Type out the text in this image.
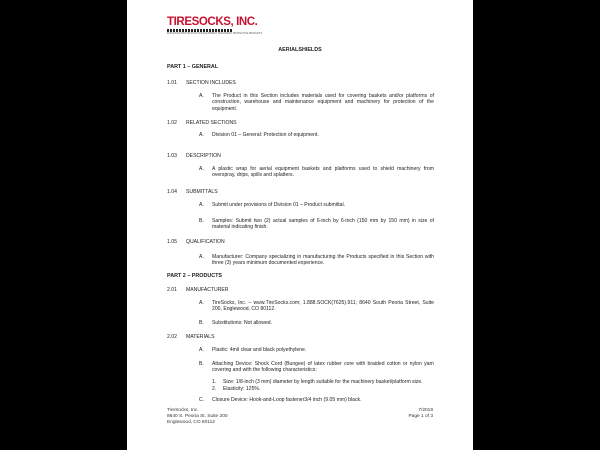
TIRESOCKS, INC.
ENHANCED PROTECTION FOR EQUIPMENT MACHINERY PROTECTIVE PRODUCTS
AERIALSHIELDS
PART 1 – GENERAL
1.01 SECTION INCLUDES
A. The Product in this Section includes materials used for covering baskets and/or platforms of construction, warehouse and maintenance equipment and machinery for protection of the equipment.
1.02 RELATED SECTIONS
A. Division 01 – General: Protection of equipment.
1.03 DESCRIPTION
A. A plastic wrap for aerial equipment baskets and platforms used to shield machinery from overspray, drips, spills and splatters.
1.04 SUBMITTALS
A. Submit under provisions of Division 01 – Product submittal.
B. Samples: Submit two (2) actual samples of 6-inch by 6-inch (150 mm by 150 mm) in size of material indicating finish.
1.05 QUALIFICATION
A. Manufacturer: Company specializing in manufacturing the Products specified in this Section with three (3) years minimum documented experience.
PART 2 – PRODUCTS
2.01 MANUFACTURER
A. TireSocks, Inc. – www.TireSocks.com; 1.888.SOCK(7625).911; 8640 South Peoria Street, Suite 200, Englewood, CO 80112.
B. Substitutions: Not allowed.
2.02 MATERIALS
A. Plastic: 4mil clear and black polyethylene.
B. Attaching Device: Shock Cord (Bungee) of latex rubber core with braided cotton or nylon yarn covering and with the following characteristics:
1. Size: 1/8-inch (3 mm) diameter by length suitable for the machinery basket/platform size.
2. Elasticity: 125%.
C. Closure Device: Hook-and-Loop fastener3/4 inch (9.05 mm) black.
TireSocks, Inc.
8640 S. Peoria St, Suite 200
Englewood, CO 80112
7/2019
Page 1 of 3
